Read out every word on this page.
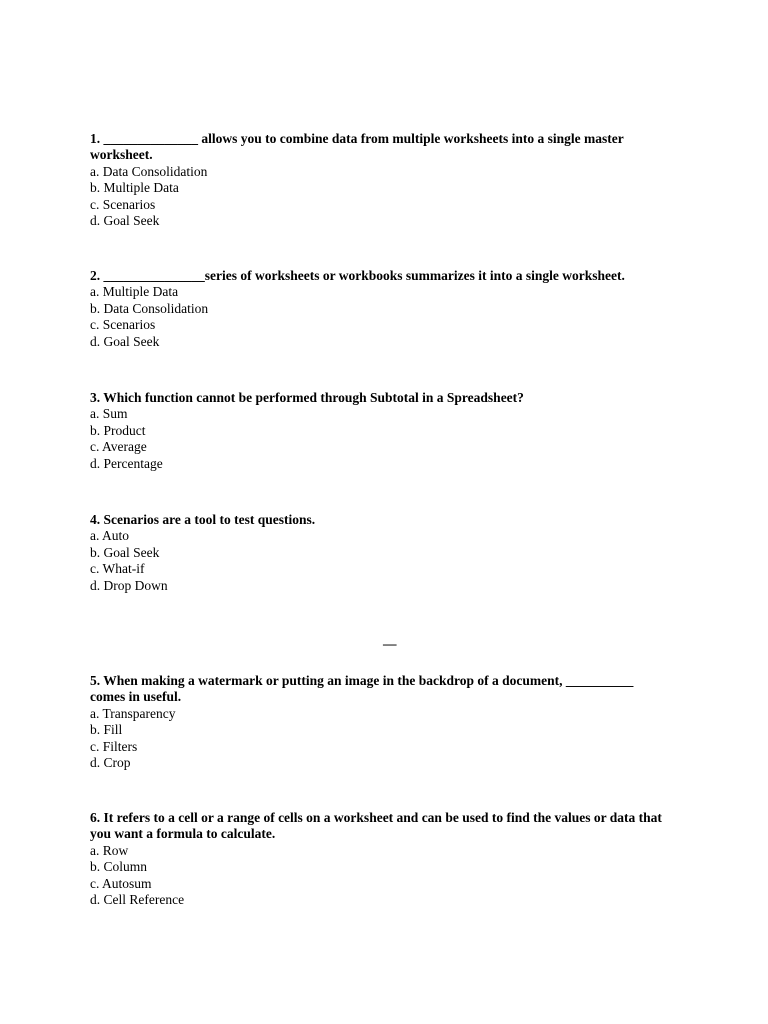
1. ______________ allows you to combine data from multiple worksheets into a single master
worksheet.

a. Data Consolidation
b. Multiple Data
c. Scenarios
d. Goal Seek

2. _______________series of worksheets or workbooks summarizes it into a single worksheet.

a. Multiple Data
b. Data Consolidation
c. Scenarios
d. Goal Seek

3. Which function cannot be performed through Subtotal in a Spreadsheet?

a. Sum
b. Product
c. Average
d. Percentage

4. Scenarios are a tool to test questions.

a. Auto
b. Goal Seek
c. What-if
d. Drop Down
—

5. When making a watermark or putting an image in the backdrop of a document, __________
comes in useful.

a. Transparency
b. Fill
c. Filters
d. Crop

6. It refers to a cell or a range of cells on a worksheet and can be used to find the values or data that
you want a formula to calculate.

a. Row
b. Column
c. Autosum
d. Cell Reference
